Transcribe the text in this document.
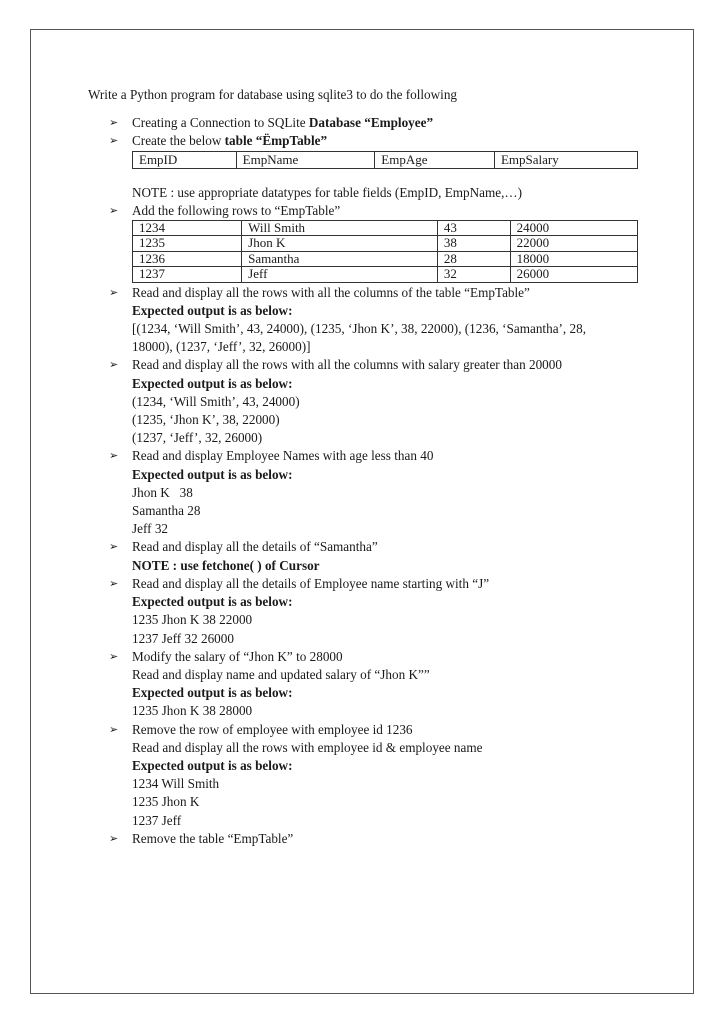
Write a Python program for database using sqlite3 to do the following

➢ Creating a Connection to SQLite Database “Employee”
➢ Create the below table “ËmpTable”
EmpID	EmpName	EmpAge	EmpSalary
NOTE : use appropriate datatypes for table fields (EmpID, EmpName,…)
➢ Add the following rows to “EmpTable”
1234	Will Smith	43	24000
1235	Jhon K	38	22000
1236	Samantha	28	18000
1237	Jeff	32	26000
➢ Read and display all the rows with all the columns of the table “EmpTable”
Expected output is as below:
[(1234, ‘Will Smith’, 43, 24000), (1235, ‘Jhon K’, 38, 22000), (1236, ‘Samantha’, 28,
18000), (1237, ‘Jeff’, 32, 26000)]
➢ Read and display all the rows with all the columns with salary greater than 20000
Expected output is as below:
(1234, ‘Will Smith’, 43, 24000)
(1235, ‘Jhon K’, 38, 22000)
(1237, ‘Jeff’, 32, 26000)
➢ Read and display Employee Names with age less than 40
Expected output is as below:
Jhon K   38
Samantha 28
Jeff 32
➢ Read and display all the details of “Samantha”
NOTE : use fetchone( ) of Cursor
➢ Read and display all the details of Employee name starting with “J”
Expected output is as below:
1235 Jhon K 38 22000
1237 Jeff 32 26000
➢ Modify the salary of “Jhon K” to 28000
Read and display name and updated salary of “Jhon K””
Expected output is as below:
1235 Jhon K 38 28000
➢ Remove the row of employee with employee id 1236
Read and display all the rows with employee id & employee name
Expected output is as below:
1234 Will Smith
1235 Jhon K
1237 Jeff
➢ Remove the table “EmpTable”
